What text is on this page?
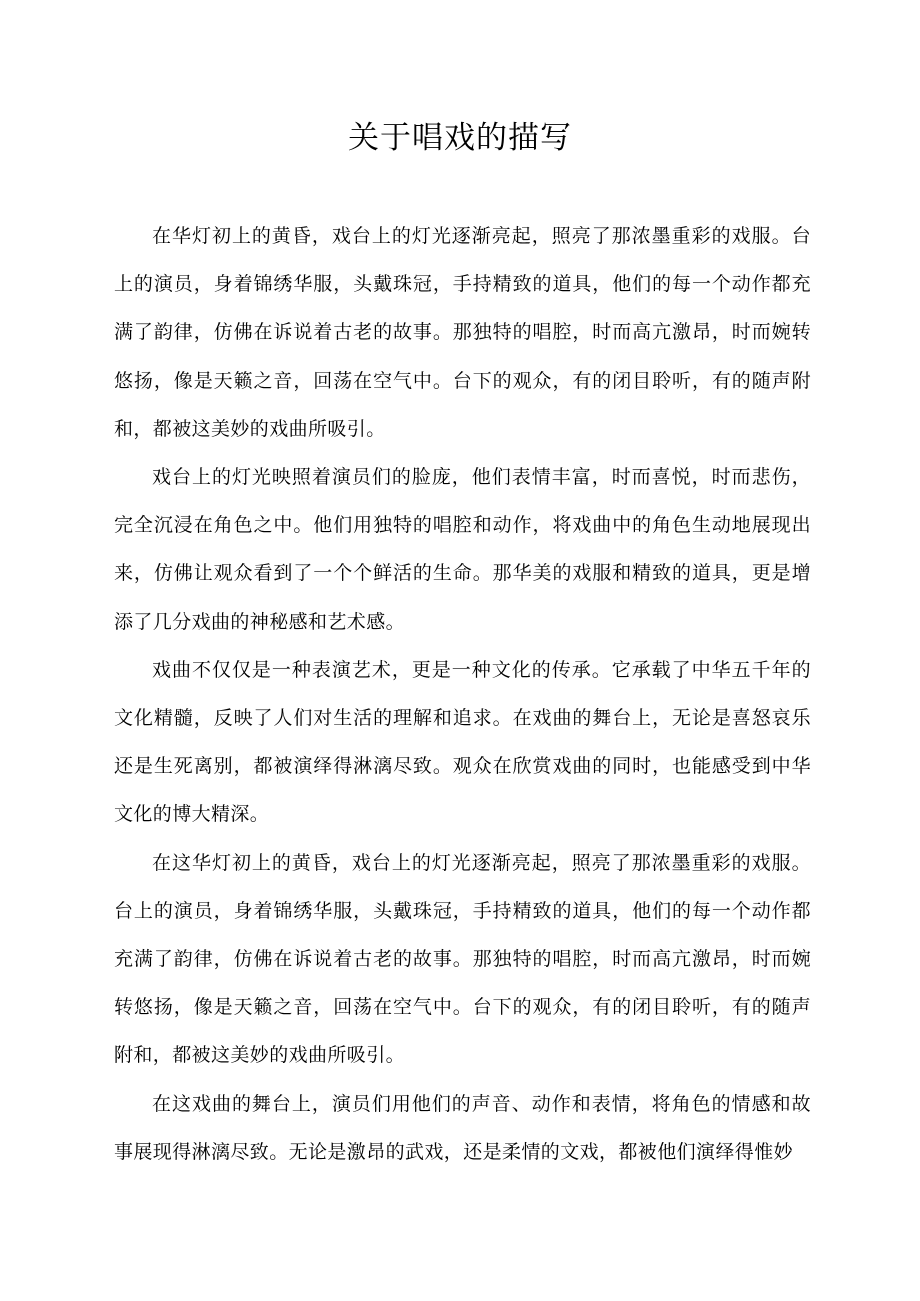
关于唱戏的描写

在华灯初上的黄昏，戏台上的灯光逐渐亮起，照亮了那浓墨重彩的戏服。台上的演员，身着锦绣华服，头戴珠冠，手持精致的道具，他们的每一个动作都充满了韵律，仿佛在诉说着古老的故事。那独特的唱腔，时而高亢激昂，时而婉转悠扬，像是天籁之音，回荡在空气中。台下的观众，有的闭目聆听，有的随声附和，都被这美妙的戏曲所吸引。

戏台上的灯光映照着演员们的脸庞，他们表情丰富，时而喜悦，时而悲伤，完全沉浸在角色之中。他们用独特的唱腔和动作，将戏曲中的角色生动地展现出来，仿佛让观众看到了一个个鲜活的生命。那华美的戏服和精致的道具，更是增添了几分戏曲的神秘感和艺术感。

戏曲不仅仅是一种表演艺术，更是一种文化的传承。它承载了中华五千年的文化精髓，反映了人们对生活的理解和追求。在戏曲的舞台上，无论是喜怒哀乐还是生死离别，都被演绎得淋漓尽致。观众在欣赏戏曲的同时，也能感受到中华文化的博大精深。

在这华灯初上的黄昏，戏台上的灯光逐渐亮起，照亮了那浓墨重彩的戏服。台上的演员，身着锦绣华服，头戴珠冠，手持精致的道具，他们的每一个动作都充满了韵律，仿佛在诉说着古老的故事。那独特的唱腔，时而高亢激昂，时而婉转悠扬，像是天籁之音，回荡在空气中。台下的观众，有的闭目聆听，有的随声附和，都被这美妙的戏曲所吸引。

在这戏曲的舞台上，演员们用他们的声音、动作和表情，将角色的情感和故事展现得淋漓尽致。无论是激昂的武戏，还是柔情的文戏，都被他们演绎得惟妙
